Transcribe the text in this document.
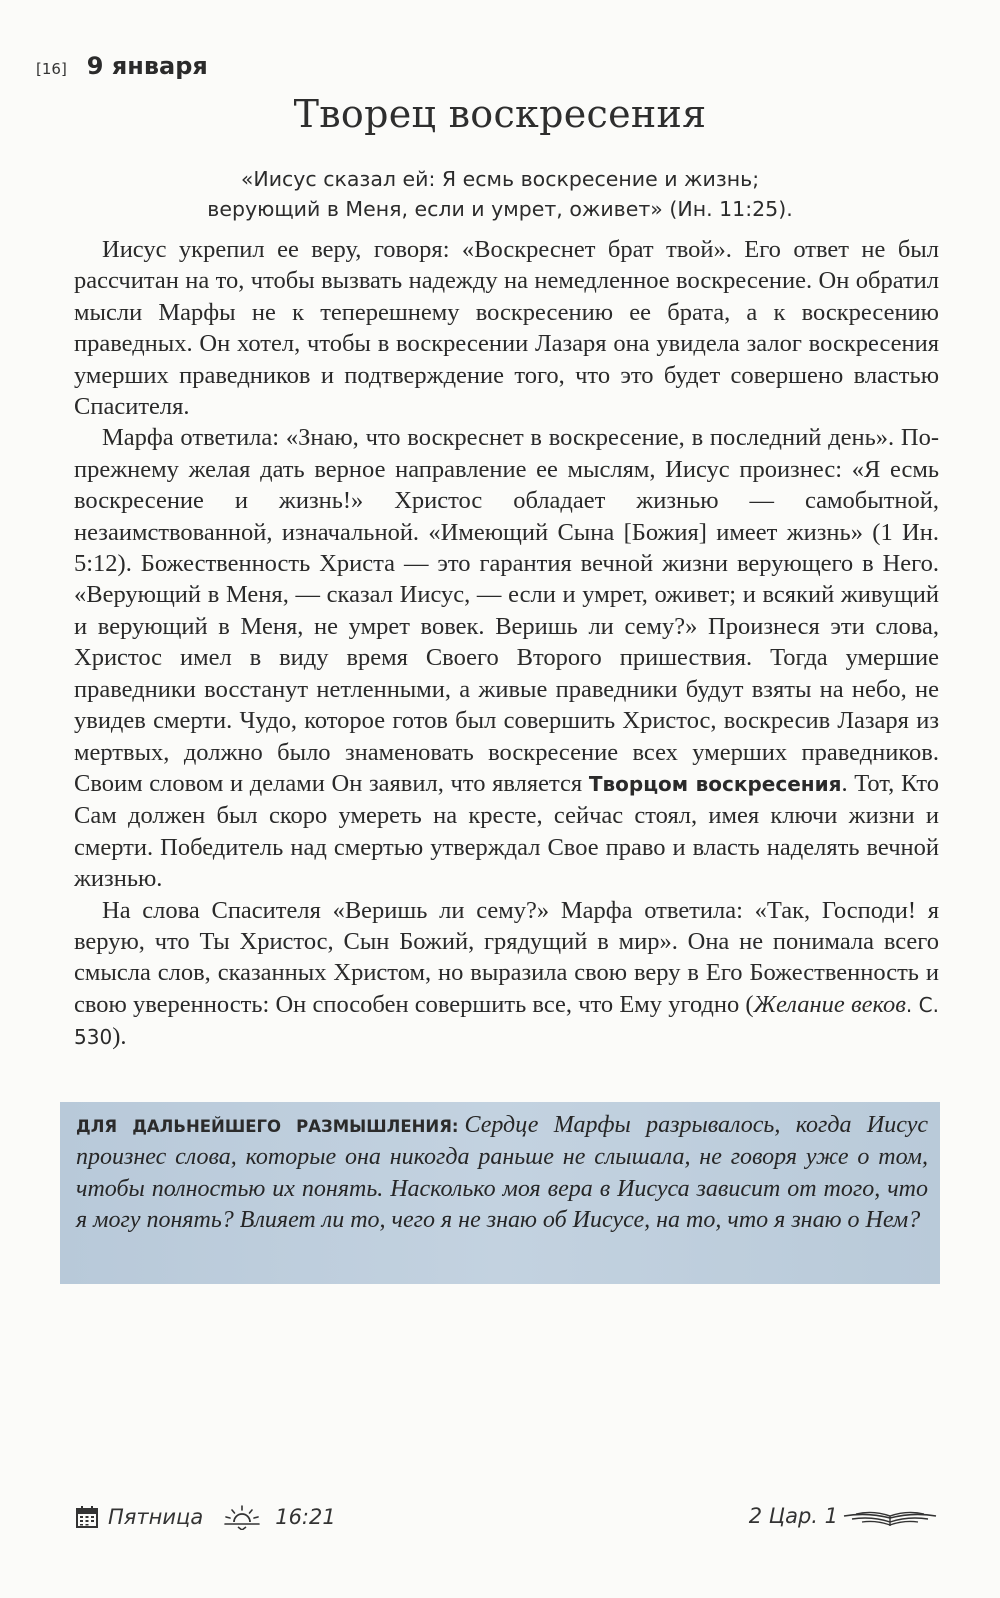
[16] 9 января
Творец воскресения
«Иисус сказал ей: Я есмь воскресение и жизнь;
верующий в Меня, если и умрет, оживет» (Ин. 11:25).

Иисус укрепил ее веру, говоря: «Воскреснет брат твой». Его ответ не был рассчитан на то, чтобы вызвать надежду на немедленное воскресение. Он обратил мысли Марфы не к теперешнему воскресению ее брата, а к воскресению праведных. Он хотел, чтобы в воскресении Лазаря она увидела залог воскресения умерших праведников и подтверждение того, что это будет совершено властью Спасителя.

Марфа ответила: «Знаю, что воскреснет в воскресение, в последний день». По-прежнему желая дать верное направление ее мыслям, Иисус произнес: «Я есмь воскресение и жизнь!» Христос обладает жизнью — самобытной, незаимствованной, изначальной. «Имеющий Сына [Божия] имеет жизнь» (1 Ин. 5:12). Божественность Христа — это гарантия вечной жизни верующего в Него. «Верующий в Меня, — сказал Иисус, — если и умрет, оживет; и всякий живущий и верующий в Меня, не умрет вовек. Веришь ли сему?» Произнеся эти слова, Христос имел в виду время Своего Второго пришествия. Тогда умершие праведники восстанут нетленными, а живые праведники будут взяты на небо, не увидев смерти. Чудо, которое готов был совершить Христос, воскресив Лазаря из мертвых, должно было знаменовать воскресение всех умерших праведников. Своим словом и делами Он заявил, что является Творцом воскресения. Тот, Кто Сам должен был скоро умереть на кресте, сейчас стоял, имея ключи жизни и смерти. Победитель над смертью утверждал Свое право и власть наделять вечной жизнью.

На слова Спасителя «Веришь ли сему?» Марфа ответила: «Так, Господи! я верую, что Ты Христос, Сын Божий, грядущий в мир». Она не понимала всего смысла слов, сказанных Христом, но выразила свою веру в Его Божественность и свою уверенность: Он способен совершить все, что Ему угодно (Желание веков. С. 530).

ДЛЯ ДАЛЬНЕЙШЕГО РАЗМЫШЛЕНИЯ: Сердце Марфы разрывалось, когда Иисус произнес слова, которые она никогда раньше не слышала, не говоря уже о том, чтобы полностью их понять. Насколько моя вера в Иисуса зависит от того, что я могу понять? Влияет ли то, чего я не знаю об Иисусе, на то, что я знаю о Нем?
Пятница	16:21	2 Цар. 1
